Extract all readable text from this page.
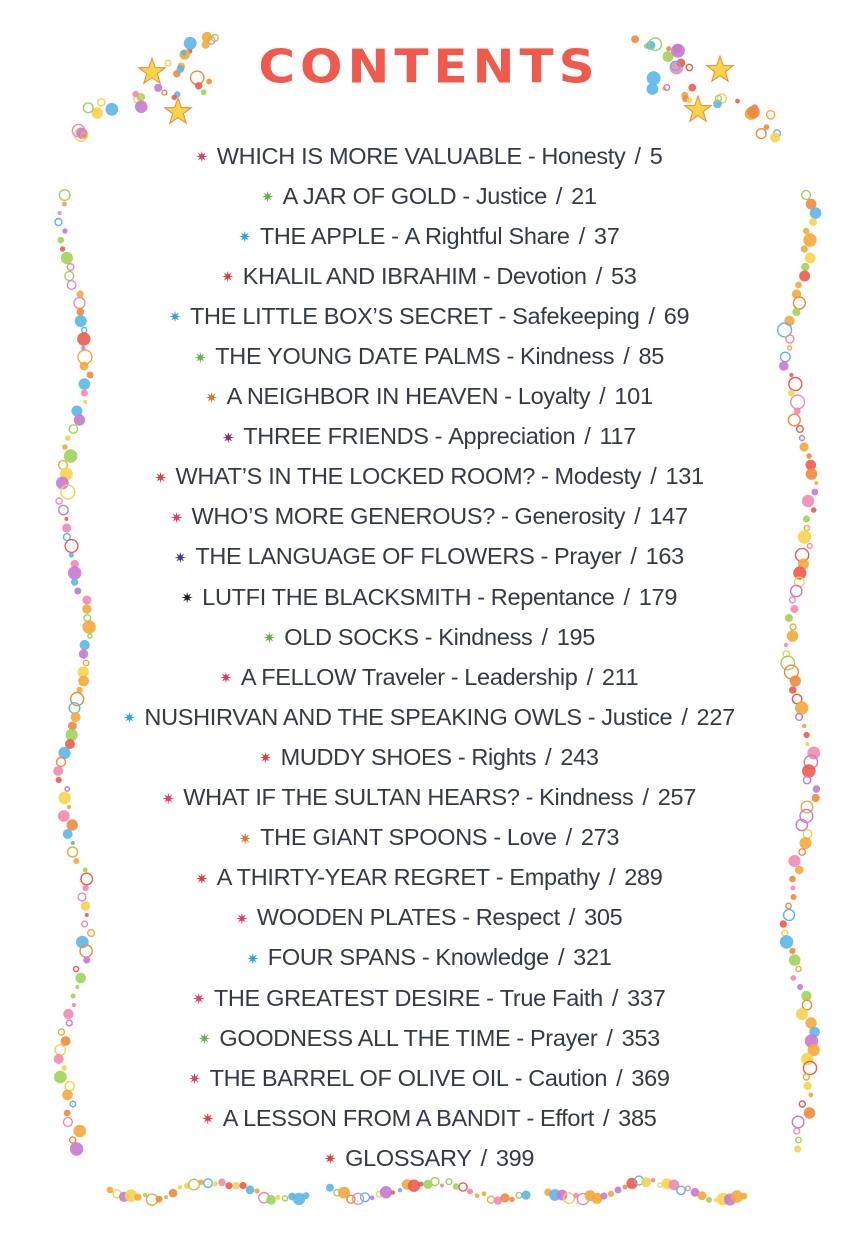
CONTENTS
✷ WHICH IS MORE VALUABLE - Honesty / 5
✷ A JAR OF GOLD - Justice / 21
✷ THE APPLE - A Rightful Share / 37
✷ KHALIL AND IBRAHIM - Devotion / 53
✷ THE LITTLE BOX’S SECRET - Safekeeping / 69
✷ THE YOUNG DATE PALMS - Kindness / 85
✷ A NEIGHBOR IN HEAVEN - Loyalty / 101
✷ THREE FRIENDS - Appreciation / 117
✷ WHAT’S IN THE LOCKED ROOM? - Modesty / 131
✷ WHO’S MORE GENEROUS? - Generosity / 147
✷ THE LANGUAGE OF FLOWERS - Prayer / 163
✷ LUTFI THE BLACKSMITH - Repentance / 179
✷ OLD SOCKS - Kindness / 195
✷ A FELLOW Traveler - Leadership / 211
✷ NUSHIRVAN AND THE SPEAKING OWLS - Justice / 227
✷ MUDDY SHOES - Rights / 243
✷ WHAT IF THE SULTAN HEARS? - Kindness / 257
✷ THE GIANT SPOONS - Love / 273
✷ A THIRTY-YEAR REGRET - Empathy / 289
✷ WOODEN PLATES - Respect / 305
✷ FOUR SPANS - Knowledge / 321
✷ THE GREATEST DESIRE - True Faith / 337
✷ GOODNESS ALL THE TIME - Prayer / 353
✷ THE BARREL OF OLIVE OIL - Caution / 369
✷ A LESSON FROM A BANDIT - Effort / 385
✷ GLOSSARY / 399
